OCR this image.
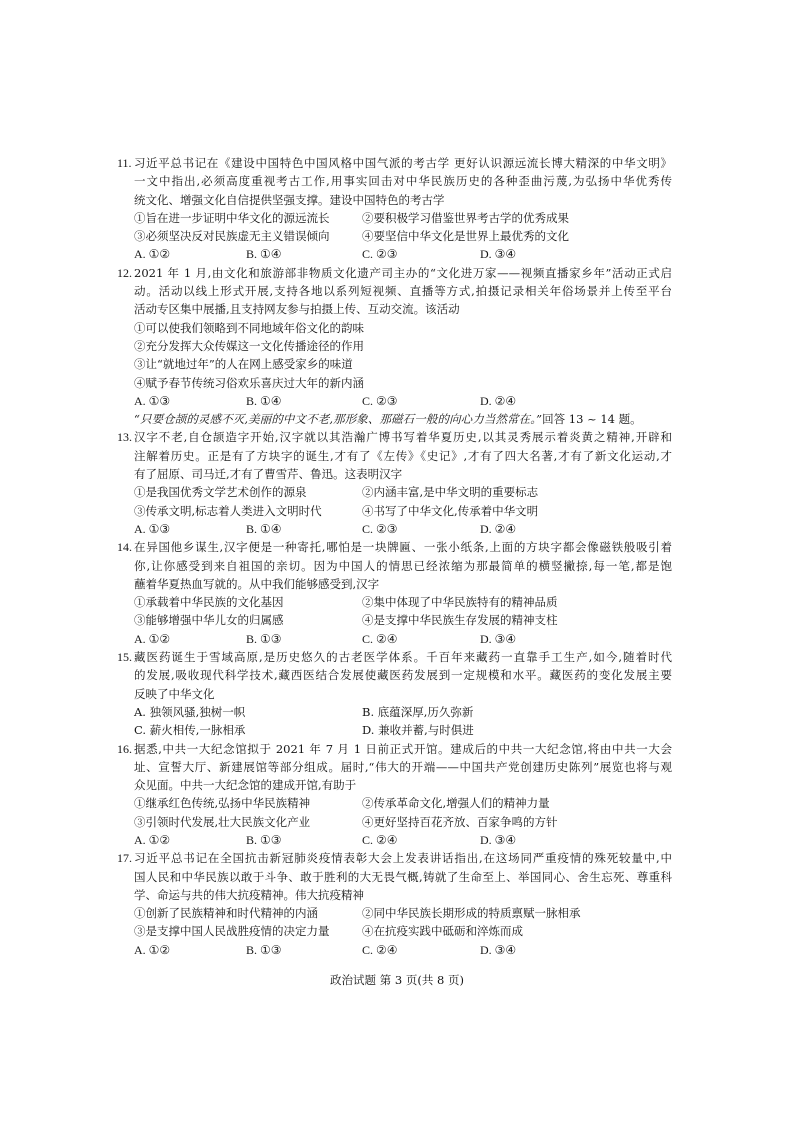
11. 习近平总书记在《建设中国特色中国风格中国气派的考古学 更好认识源远流长博大精深的中华文明》
一文中指出,必须高度重视考古工作,用事实回击对中华民族历史的各种歪曲污蔑,为弘扬中华优秀传
统文化、增强文化自信提供坚强支撑。建设中国特色的考古学
①旨在进一步证明中华文化的源远流长	②要积极学习借鉴世界考古学的优秀成果
③必须坚决反对民族虚无主义错误倾向	④要坚信中华文化是世界上最优秀的文化
A. ①②	B. ①④	C. ②③	D. ③④
12. 2021 年 1 月,由文化和旅游部非物质文化遗产司主办的“文化进万家——视频直播家乡年”活动正式启
动。活动以线上形式开展,支持各地以系列短视频、直播等方式,拍摄记录相关年俗场景并上传至平台
活动专区集中展播,且支持网友参与拍摄上传、互动交流。该活动
①可以使我们领略到不同地域年俗文化的韵味
②充分发挥大众传媒这一文化传播途径的作用
③让“就地过年”的人在网上感受家乡的味道
④赋予春节传统习俗欢乐喜庆过大年的新内涵
A. ①③	B. ①④	C. ②③	D. ②④
“只要仓颉的灵感不灭,美丽的中文不老,那形象、那磁石一般的向心力当然常在。”回答 13 ~ 14 题。
13. 汉字不老,自仓颉造字开始,汉字就以其浩瀚广博书写着华夏历史,以其灵秀展示着炎黄之精神,开辟和
注解着历史。正是有了方块字的诞生,才有了《左传》《史记》,才有了四大名著,才有了新文化运动,才
有了屈原、司马迁,才有了曹雪芹、鲁迅。这表明汉字
①是我国优秀文学艺术创作的源泉	②内涵丰富,是中华文明的重要标志
③传承文明,标志着人类进入文明时代	④书写了中华文化,传承着中华文明
A. ①③	B. ①④	C. ②③	D. ②④
14. 在异国他乡谋生,汉字便是一种寄托,哪怕是一块牌匾、一张小纸条,上面的方块字都会像磁铁般吸引着
你,让你感受到来自祖国的亲切。因为中国人的情思已经浓缩为那最简单的横竖撇捺,每一笔,都是饱
蘸着华夏热血写就的。从中我们能够感受到,汉字
①承载着中华民族的文化基因	②集中体现了中华民族特有的精神品质
③能够增强中华儿女的归属感	④是支撑中华民族生存发展的精神支柱
A. ①②	B. ①③	C. ②④	D. ③④
15. 藏医药诞生于雪域高原,是历史悠久的古老医学体系。千百年来藏药一直靠手工生产,如今,随着时代
的发展,吸收现代科学技术,藏西医结合发展使藏医药发展到一定规模和水平。藏医药的变化发展主要
反映了中华文化
A. 独领风骚,独树一帜	B. 底蕴深厚,历久弥新
C. 薪火相传,一脉相承	D. 兼收并蓄,与时俱进
16. 据悉,中共一大纪念馆拟于 2021 年 7 月 1 日前正式开馆。建成后的中共一大纪念馆,将由中共一大会
址、宣誓大厅、新建展馆等部分组成。届时,“伟大的开端——中国共产党创建历史陈列”展览也将与观
众见面。中共一大纪念馆的建成开馆,有助于
①继承红色传统,弘扬中华民族精神	②传承革命文化,增强人们的精神力量
③引领时代发展,壮大民族文化产业	④更好坚持百花齐放、百家争鸣的方针
A. ①②	B. ①③	C. ②④	D. ③④
17. 习近平总书记在全国抗击新冠肺炎疫情表彰大会上发表讲话指出,在这场同严重疫情的殊死较量中,中
国人民和中华民族以敢于斗争、敢于胜利的大无畏气概,铸就了生命至上、举国同心、舍生忘死、尊重科
学、命运与共的伟大抗疫精神。伟大抗疫精神
①创新了民族精神和时代精神的内涵	②同中华民族长期形成的特质禀赋一脉相承
③是支撑中国人民战胜疫情的决定力量	④在抗疫实践中砥砺和淬炼而成
A. ①②	B. ①③	C. ②④	D. ③④
政治试题 第 3 页(共 8 页)
